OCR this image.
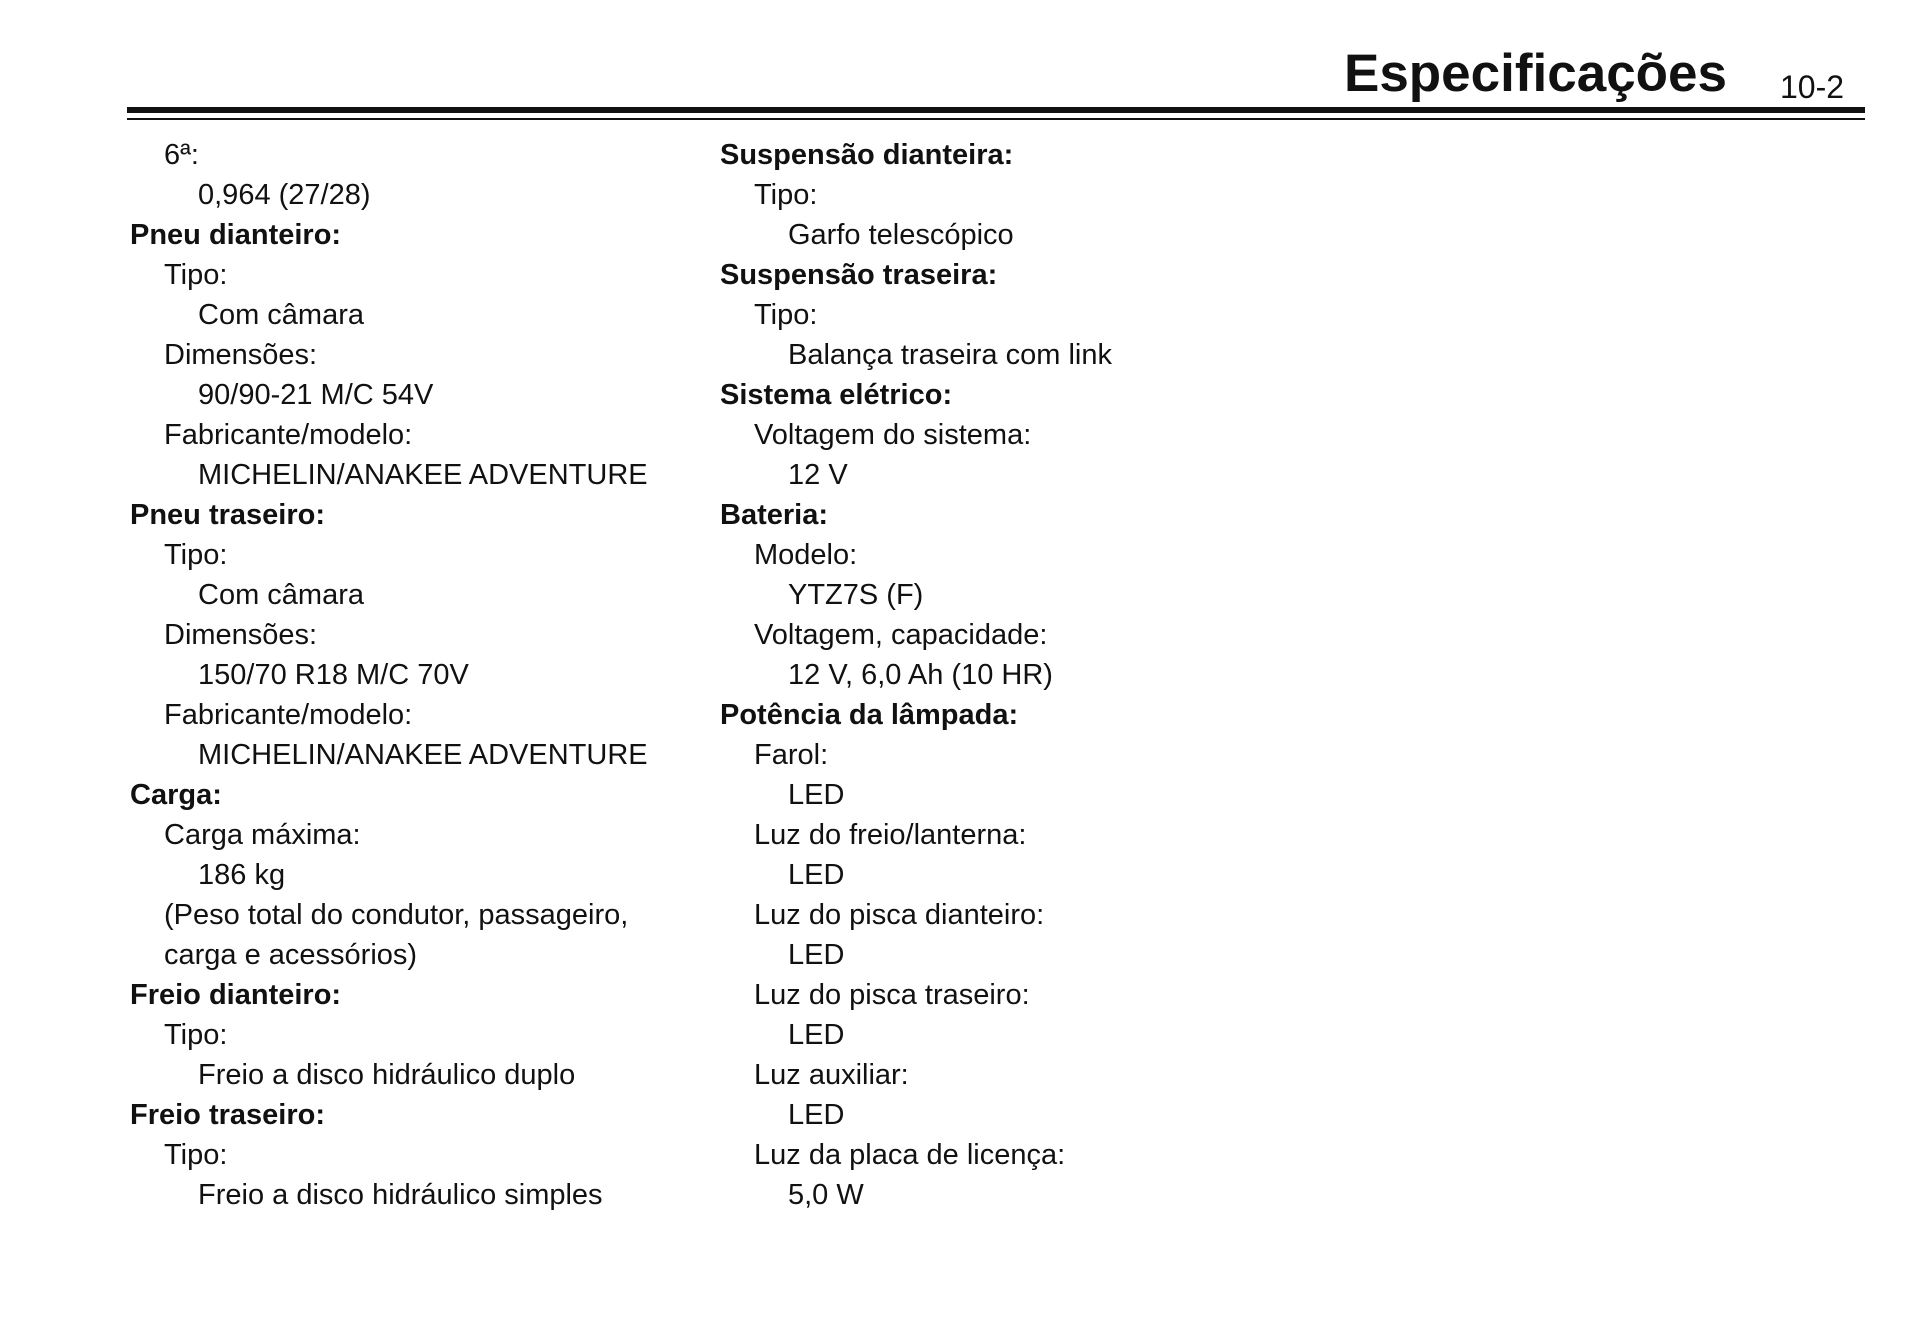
Especificações 10-2
6ª:
0,964 (27/28)
Pneu dianteiro:
Tipo:
Com câmara
Dimensões:
90/90-21 M/C 54V
Fabricante/modelo:
MICHELIN/ANAKEE ADVENTURE
Pneu traseiro:
Tipo:
Com câmara
Dimensões:
150/70 R18 M/C 70V
Fabricante/modelo:
MICHELIN/ANAKEE ADVENTURE
Carga:
Carga máxima:
186 kg
(Peso total do condutor, passageiro,
carga e acessórios)
Freio dianteiro:
Tipo:
Freio a disco hidráulico duplo
Freio traseiro:
Tipo:
Freio a disco hidráulico simples
Suspensão dianteira:
Tipo:
Garfo telescópico
Suspensão traseira:
Tipo:
Balança traseira com link
Sistema elétrico:
Voltagem do sistema:
12 V
Bateria:
Modelo:
YTZ7S (F)
Voltagem, capacidade:
12 V, 6,0 Ah (10 HR)
Potência da lâmpada:
Farol:
LED
Luz do freio/lanterna:
LED
Luz do pisca dianteiro:
LED
Luz do pisca traseiro:
LED
Luz auxiliar:
LED
Luz da placa de licença:
5,0 W
